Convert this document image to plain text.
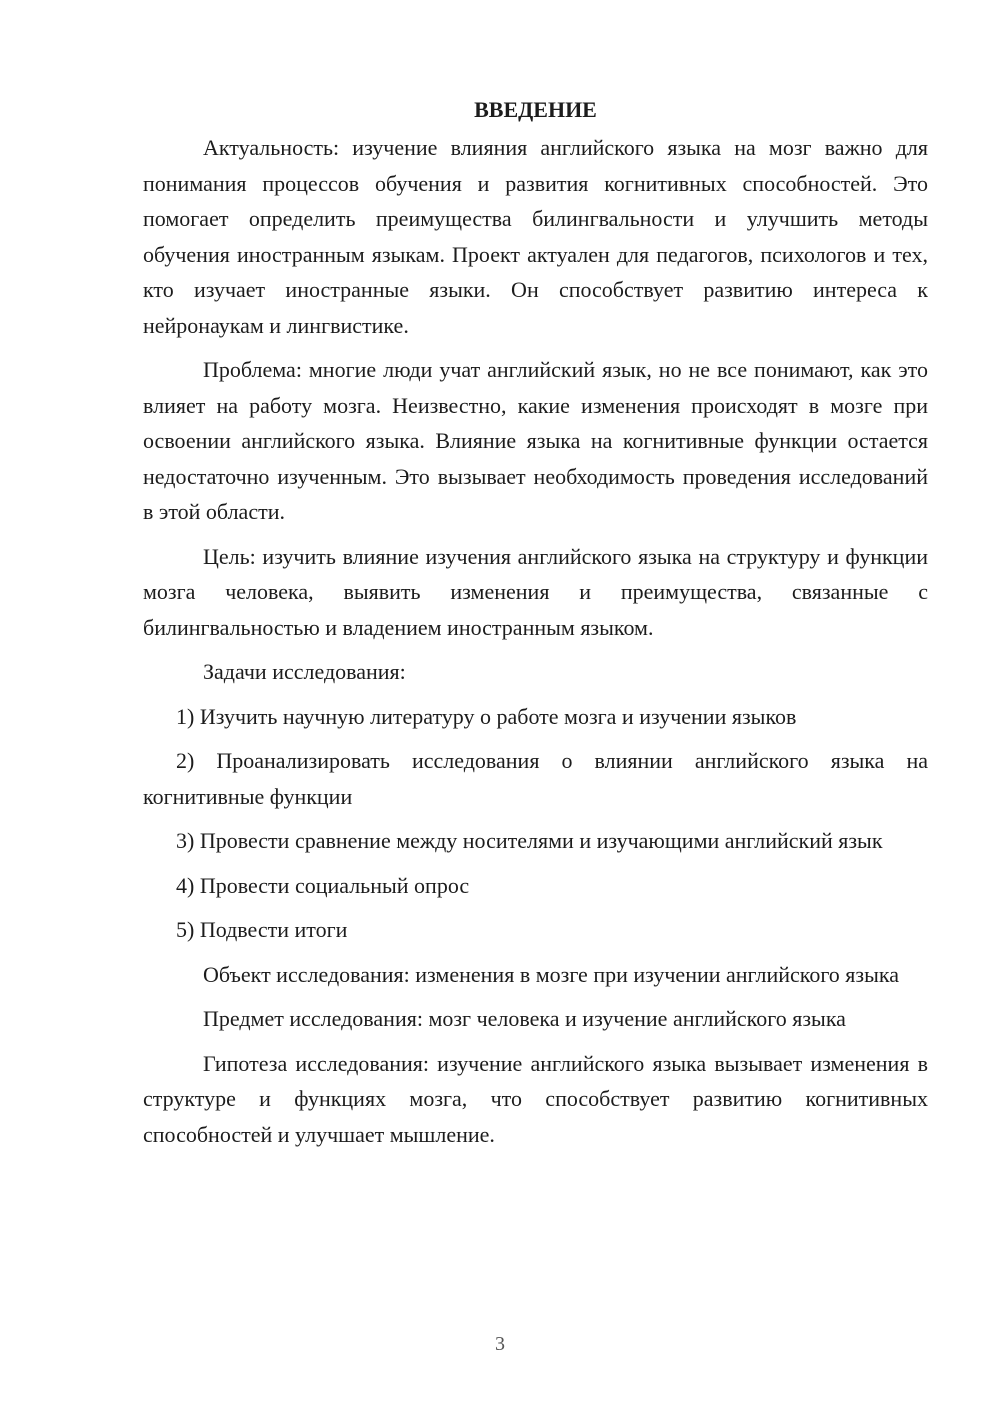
ВВЕДЕНИЕ

Актуальность: изучение влияния английского языка на мозг важно для понимания процессов обучения и развития когнитивных способностей. Это помогает определить преимущества билингвальности и улучшить методы обучения иностранным языкам. Проект актуален для педагогов, психологов и тех, кто изучает иностранные языки. Он способствует развитию интереса к нейронаукам и лингвистике.

Проблема: многие люди учат английский язык, но не все понимают, как это влияет на работу мозга. Неизвестно, какие изменения происходят в мозге при освоении английского языка. Влияние языка на когнитивные функции остается недостаточно изученным. Это вызывает необходимость проведения исследований в этой области.

Цель: изучить влияние изучения английского языка на структуру и функции мозга человека, выявить изменения и преимущества, связанные с билингвальностью и владением иностранным языком.

Задачи исследования:

1) Изучить научную литературу о работе мозга и изучении языков

2) Проанализировать исследования о влиянии английского языка на когнитивные функции

3) Провести сравнение между носителями и изучающими английский язык

4) Провести социальный опрос

5) Подвести итоги

Объект исследования: изменения в мозге при изучении английского языка

Предмет исследования: мозг человека и изучение английского языка

Гипотеза исследования: изучение английского языка вызывает изменения в структуре и функциях мозга, что способствует развитию когнитивных способностей и улучшает мышление.

3
